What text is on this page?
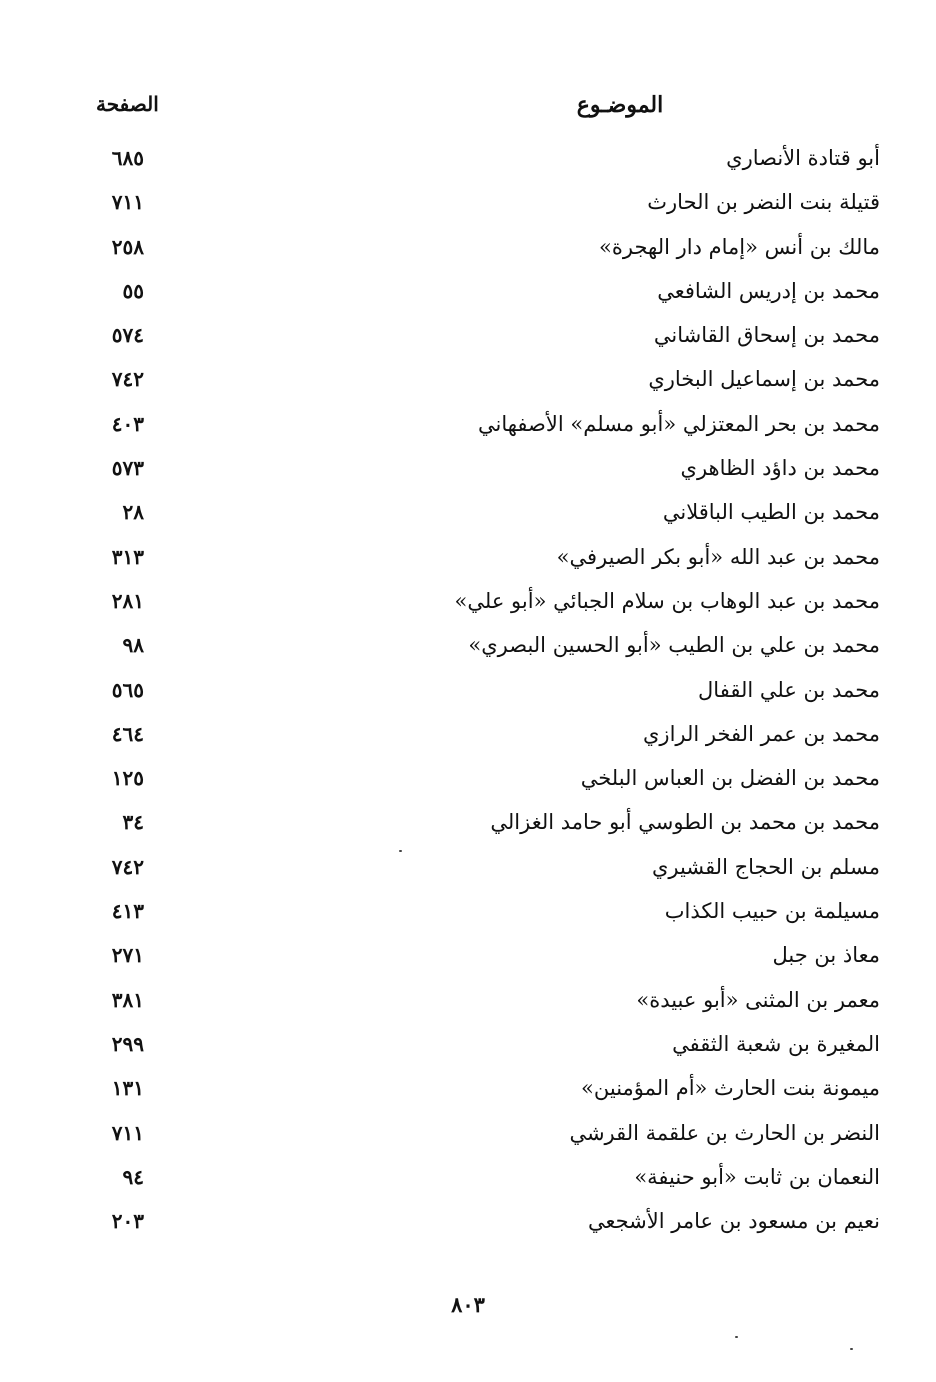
الموضـوع
الصفحة
أبو قتادة الأنصاري
٦٨٥
قتيلة بنت النضر بن الحارث
٧١١
مالك بن أنس «إمام دار الهجرة»
٢٥٨
محمد بن إدريس الشافعي
٥٥
محمد بن إسحاق القاشاني
٥٧٤
محمد بن إسماعيل البخاري
٧٤٢
محمد بن بحر المعتزلي «أبو مسلم» الأصفهاني
٤٠٣
محمد بن داؤد الظاهري
٥٧٣
محمد بن الطيب الباقلاني
٢٨
محمد بن عبد الله «أبو بكر الصيرفي»
٣١٣
محمد بن عبد الوهاب بن سلام الجبائي «أبو علي»
٢٨١
محمد بن علي بن الطيب «أبو الحسين البصري»
٩٨
محمد بن علي القفال
٥٦٥
محمد بن عمر الفخر الرازي
٤٦٤
محمد بن الفضل بن العباس البلخي
١٢٥
محمد بن محمد بن الطوسي أبو حامد الغزالي
٣٤
مسلم بن الحجاج القشيري
٧٤٢
مسيلمة بن حبيب الكذاب
٤١٣
معاذ بن جبل
٢٧١
معمر بن المثنى «أبو عبيدة»
٣٨١
المغيرة بن شعبة الثقفي
٢٩٩
ميمونة بنت الحارث «أم المؤمنين»
١٣١
النضر بن الحارث بن علقمة القرشي
٧١١
النعمان بن ثابت «أبو حنيفة»
٩٤
نعيم بن مسعود بن عامر الأشجعي
٢٠٣
٨٠٣
